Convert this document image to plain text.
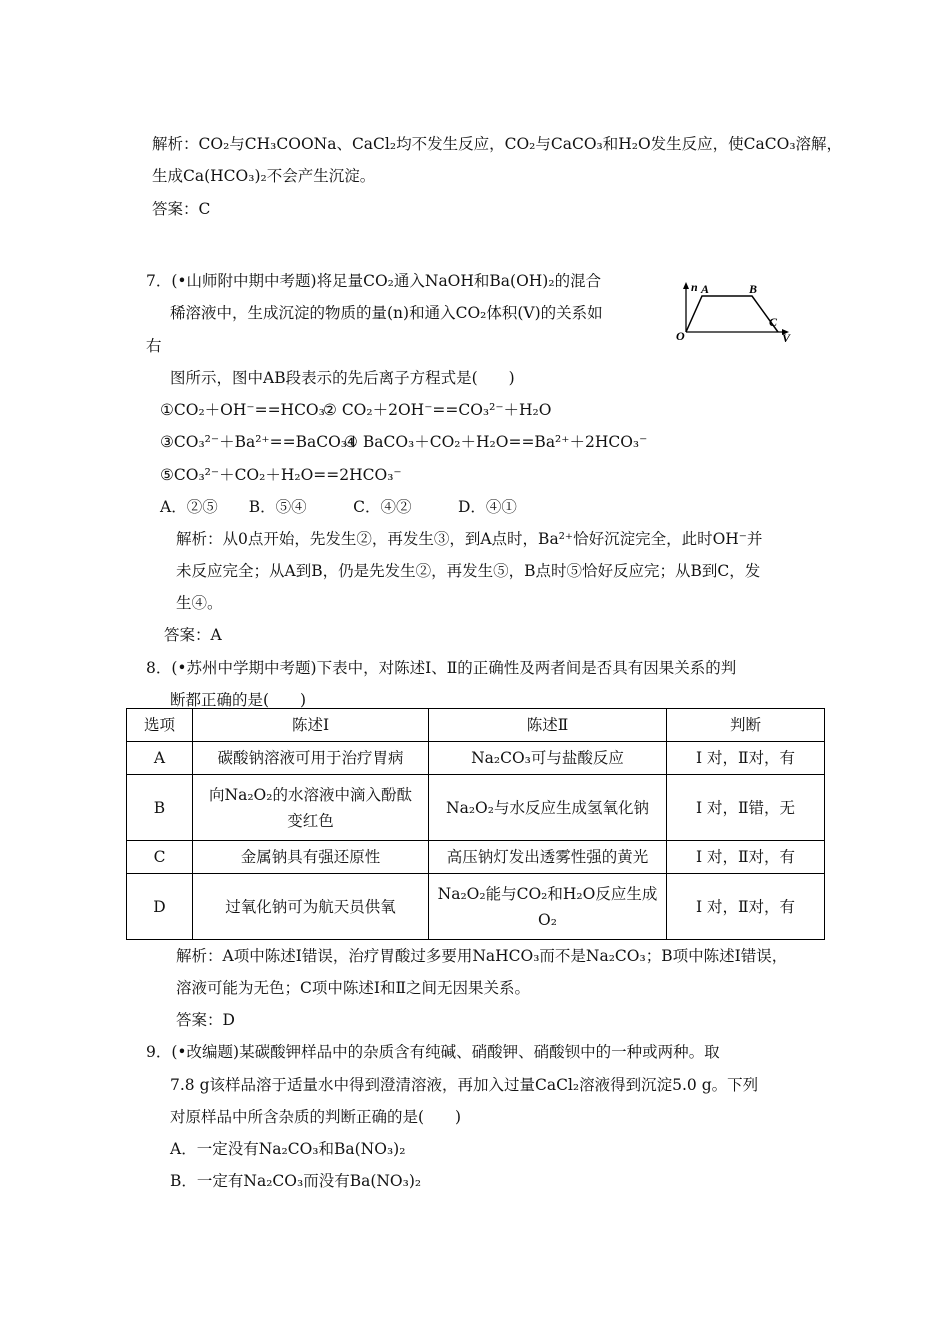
解析：CO₂与CH₃COONa、CaCl₂均不发生反应，CO₂与CaCO₃和H₂O发生反应，使CaCO₃溶解，
生成Ca(HCO₃)₂不会产生沉淀。
答案：C
7．(•山师附中期中考题)将足量CO₂通入NaOH和Ba(OH)₂的混合
稀溶液中，生成沉淀的物质的量(n)和通入CO₂体积(V)的关系如
右
图所示，图中AB段表示的先后离子方程式是(　　)
n A	B
C
O	V
①CO₂＋OH⁻==HCO₃⁻
② CO₂＋2OH⁻==CO₃²⁻＋H₂O
③CO₃²⁻＋Ba²⁺==BaCO₃↓
④ BaCO₃＋CO₂＋H₂O==Ba²⁺＋2HCO₃⁻
⑤CO₃²⁻＋CO₂＋H₂O==2HCO₃⁻
A．②⑤　　B．⑤④　　　C．④②　　　D．④①
解析：从0点开始，先发生②，再发生③，到A点时，Ba²⁺恰好沉淀完全，此时OH⁻并
未反应完全；从A到B，仍是先发生②，再发生⑤，B点时⑤恰好反应完；从B到C，发
生④。
答案：A
8．(•苏州中学期中考题)下表中，对陈述Ⅰ、Ⅱ的正确性及两者间是否具有因果关系的判
断都正确的是(　　)
选项	陈述Ⅰ	陈述Ⅱ	判断
A	碳酸钠溶液可用于治疗胃病	Na₂CO₃可与盐酸反应	Ⅰ 对，Ⅱ对，有
B	向Na₂O₂的水溶液中滴入酚酞
变红色	Na₂O₂与水反应生成氢氧化钠	Ⅰ 对，Ⅱ错，无
C	金属钠具有强还原性	高压钠灯发出透雾性强的黄光	Ⅰ 对，Ⅱ对，有
D	过氧化钠可为航天员供氧	Na₂O₂能与CO₂和H₂O反应生成
O₂	Ⅰ 对，Ⅱ对，有
解析：A项中陈述Ⅰ错误，治疗胃酸过多要用NaHCO₃而不是Na₂CO₃；B项中陈述Ⅰ错误，
溶液可能为无色；C项中陈述Ⅰ和Ⅱ之间无因果关系。
答案：D
9．(•改编题)某碳酸钾样品中的杂质含有纯碱、硝酸钾、硝酸钡中的一种或两种。取
7.8 g该样品溶于适量水中得到澄清溶液，再加入过量CaCl₂溶液得到沉淀5.0 g。下列
对原样品中所含杂质的判断正确的是(　　)
A．一定没有Na₂CO₃和Ba(NO₃)₂
B．一定有Na₂CO₃而没有Ba(NO₃)₂
